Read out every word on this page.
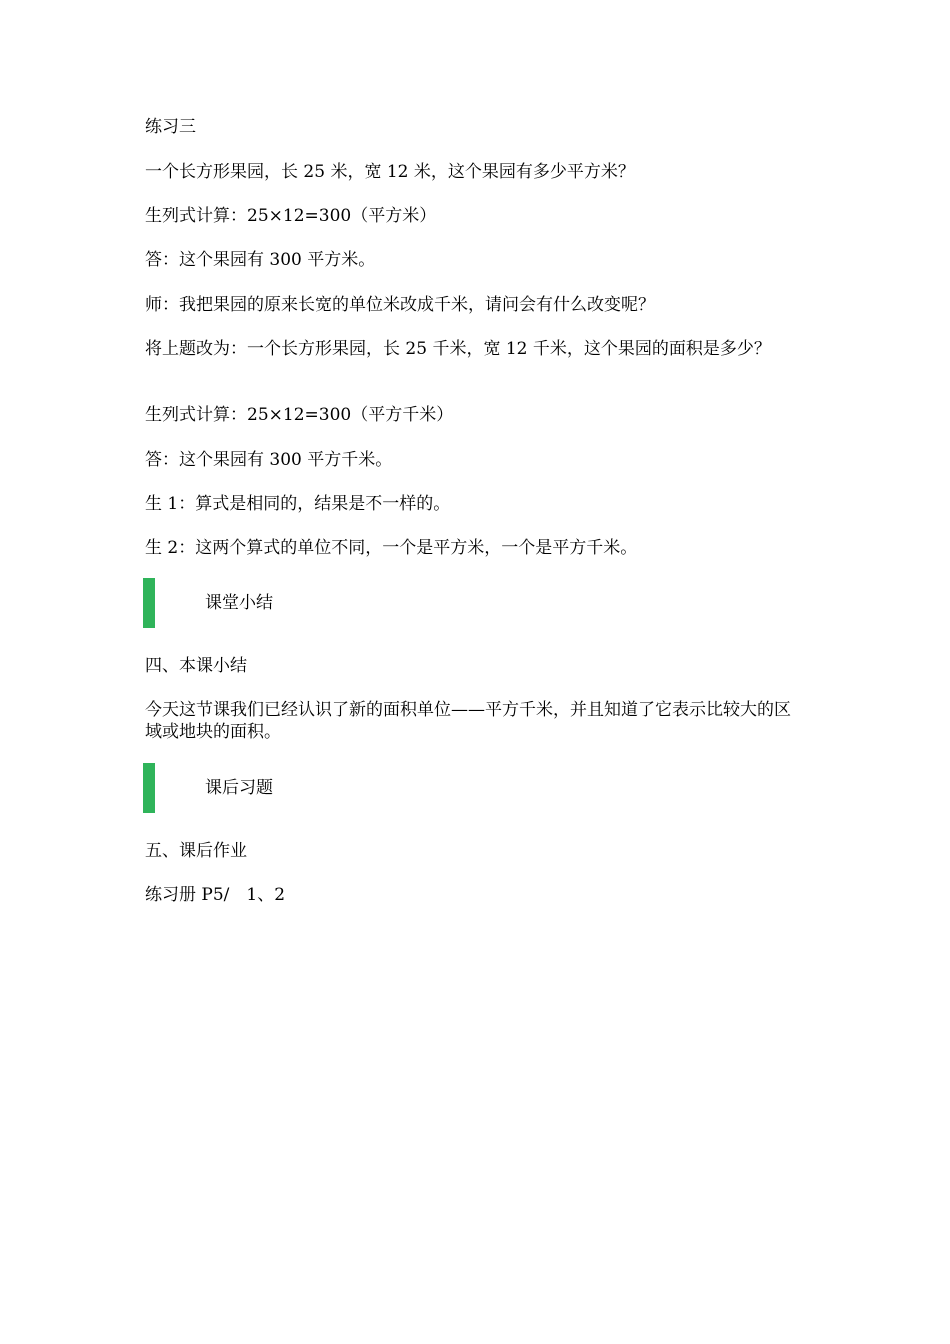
练习三

一个长方形果园，长 25 米，宽 12 米，这个果园有多少平方米？

生列式计算：25×12=300（平方米）

答：这个果园有 300 平方米。

师：我把果园的原来长宽的单位米改成千米，请问会有什么改变呢？

将上题改为：一个长方形果园，长 25 千米，宽 12 千米，这个果园的面积是多少？

生列式计算：25×12=300（平方千米）

答：这个果园有 300 平方千米。

生 1：算式是相同的，结果是不一样的。

生 2：这两个算式的单位不同，一个是平方米，一个是平方千米。

课堂小结

四、本课小结

今天这节课我们已经认识了新的面积单位——平方千米，并且知道了它表示比较大的区域或地块的面积。

课后习题

五、课后作业

练习册 P5/　1、2
